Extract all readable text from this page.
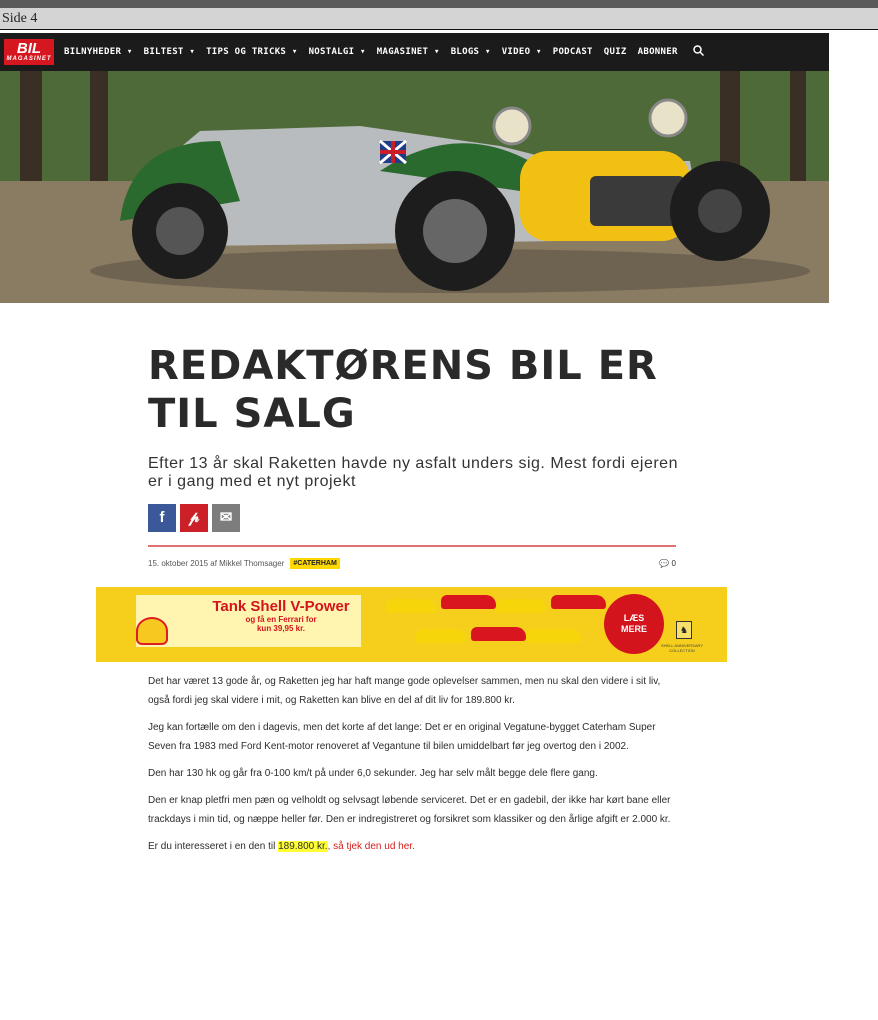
Side 4
BIL
MAGASINET
BILNYHEDER ▾ BILTEST ▾ TIPS OG TRICKS ▾ NOSTALGI ▾ MAGASINET ▾ BLOGS ▾ VIDEO ▾ PODCAST QUIZ ABONNER
REDAKTØRENS BIL ER TIL SALG
Efter 13 år skal Raketten havde ny asfalt unders sig. Mest fordi ejeren er i gang med et nyt projekt
f	𝓅	✉
15. oktober 2015 af Mikkel Thomsager	#CATERHAM	💬 0
Tank Shell V-Power
og få en Ferrari for
kun 39,95 kr.
LÆS
MERE	♞
SHELL ANNIVERSARY COLLECTION

Det har været 13 gode år, og Raketten jeg har haft mange gode oplevelser sammen, men nu skal den videre i sit liv, også fordi jeg skal videre i mit, og Raketten kan blive en del af dit liv for 189.800 kr.

Jeg kan fortælle om den i dagevis, men det korte af det lange: Det er en original Vegatune-bygget Caterham Super Seven fra 1983 med Ford Kent-motor renoveret af Vegantune til bilen umiddelbart før jeg overtog den i 2002.

Den har 130 hk og går fra 0-100 km/t på under 6,0 sekunder. Jeg har selv målt begge dele flere gang.

Den er knap pletfri men pæn og velholdt og selvsagt løbende serviceret. Det er en gadebil, der ikke har kørt bane eller trackdays i min tid, og næppe heller før. Den er indregistreret og forsikret som klassiker og den årlige afgift er 2.000 kr.

Er du interesseret i en den til 189.800 kr., så tjek den ud her.
